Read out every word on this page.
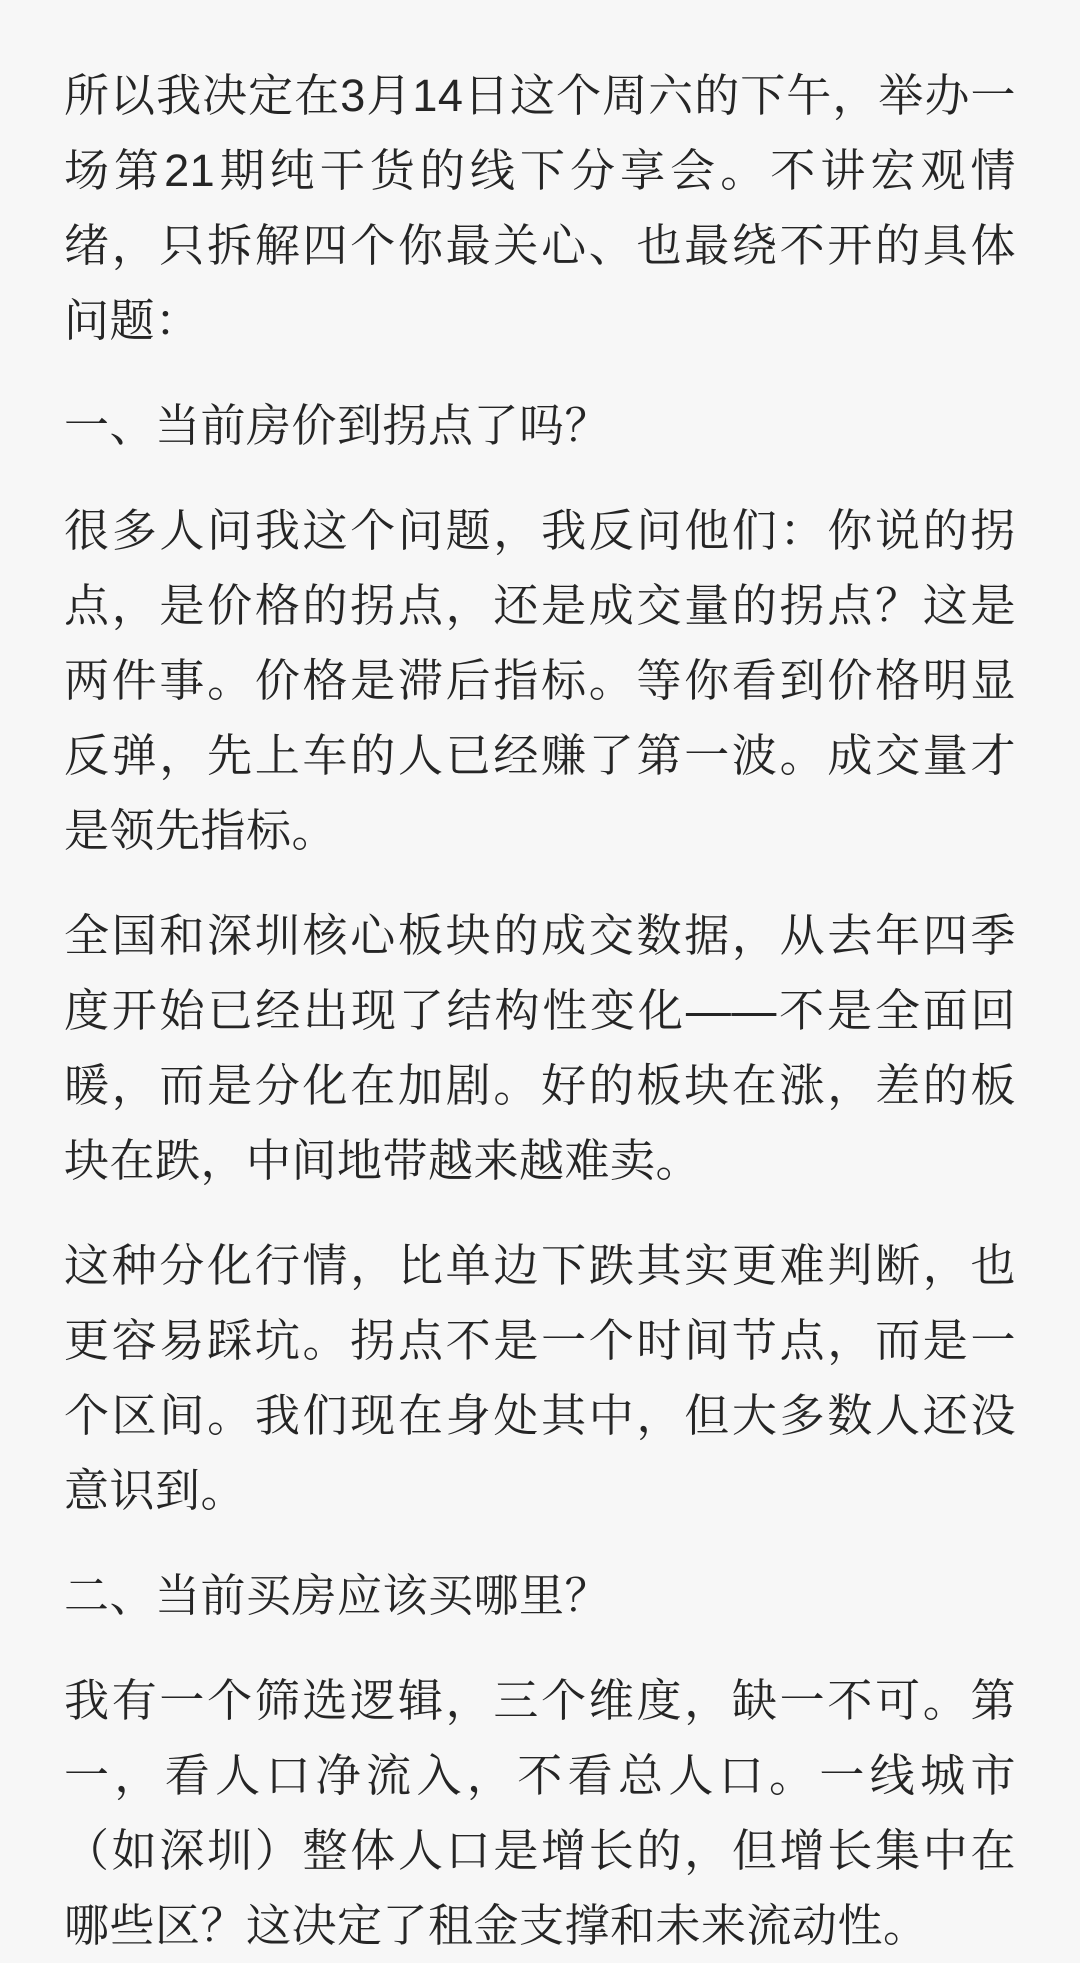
所以我决定在3月14日这个周六的下午，举办一场第21期纯干货的线下分享会。不讲宏观情绪，只拆解四个你最关心、也最绕不开的具体问题：

一、当前房价到拐点了吗？

很多人问我这个问题，我反问他们：你说的拐点，是价格的拐点，还是成交量的拐点？这是两件事。价格是滞后指标。等你看到价格明显反弹，先上车的人已经赚了第一波。成交量才是领先指标。

全国和深圳核心板块的成交数据，从去年四季度开始已经出现了结构性变化——不是全面回暖，而是分化在加剧。好的板块在涨，差的板块在跌，中间地带越来越难卖。

这种分化行情，比单边下跌其实更难判断，也更容易踩坑。拐点不是一个时间节点，而是一个区间。我们现在身处其中，但大多数人还没意识到。

二、当前买房应该买哪里？

我有一个筛选逻辑，三个维度，缺一不可。第一，看人口净流入，不看总人口。一线城市（如深圳）整体人口是增长的，但增长集中在哪些区？这决定了租金支撑和未来流动性。
